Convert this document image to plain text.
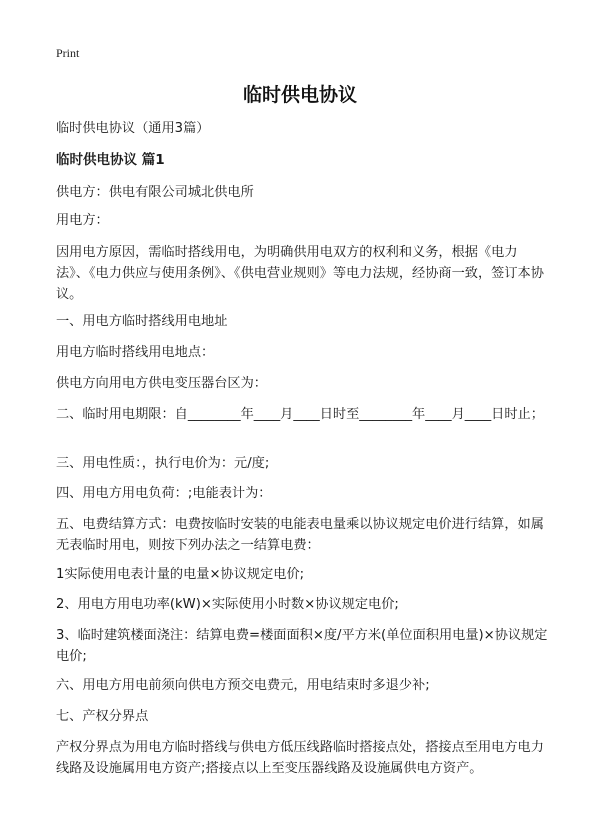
Print
临时供电协议

临时供电协议（通用3篇）

临时供电协议 篇1

供电方：供电有限公司城北供电所

用电方：

因用电方原因，需临时搭线用电，为明确供用电双方的权利和义务，根据《电力法》、《电力供应与使用条例》、《供电营业规则》等电力法规，经协商一致，签订本协议。

一、用电方临时搭线用电地址

用电方临时搭线用电地点：

供电方向用电方供电变压器台区为：

二、临时用电期限：自________年____月____日时至________年____月____日时止；

三、用电性质：，执行电价为：元/度;

四、用电方用电负荷：;电能表计为：

五、电费结算方式：电费按临时安装的电能表电量乘以协议规定电价进行结算，如属无表临时用电，则按下列办法之一结算电费：

1实际使用电表计量的电量×协议规定电价;

2、用电方用电功率(kW)×实际使用小时数×协议规定电价;

3、临时建筑楼面浇注：结算电费=楼面面积×度/平方米(单位面积用电量)×协议规定电价;

六、用电方用电前须向供电方预交电费元，用电结束时多退少补;

七、产权分界点

产权分界点为用电方临时搭线与供电方低压线路临时搭接点处，搭接点至用电方电力线路及设施属用电方资产;搭接点以上至变压器线路及设施属供电方资产。
